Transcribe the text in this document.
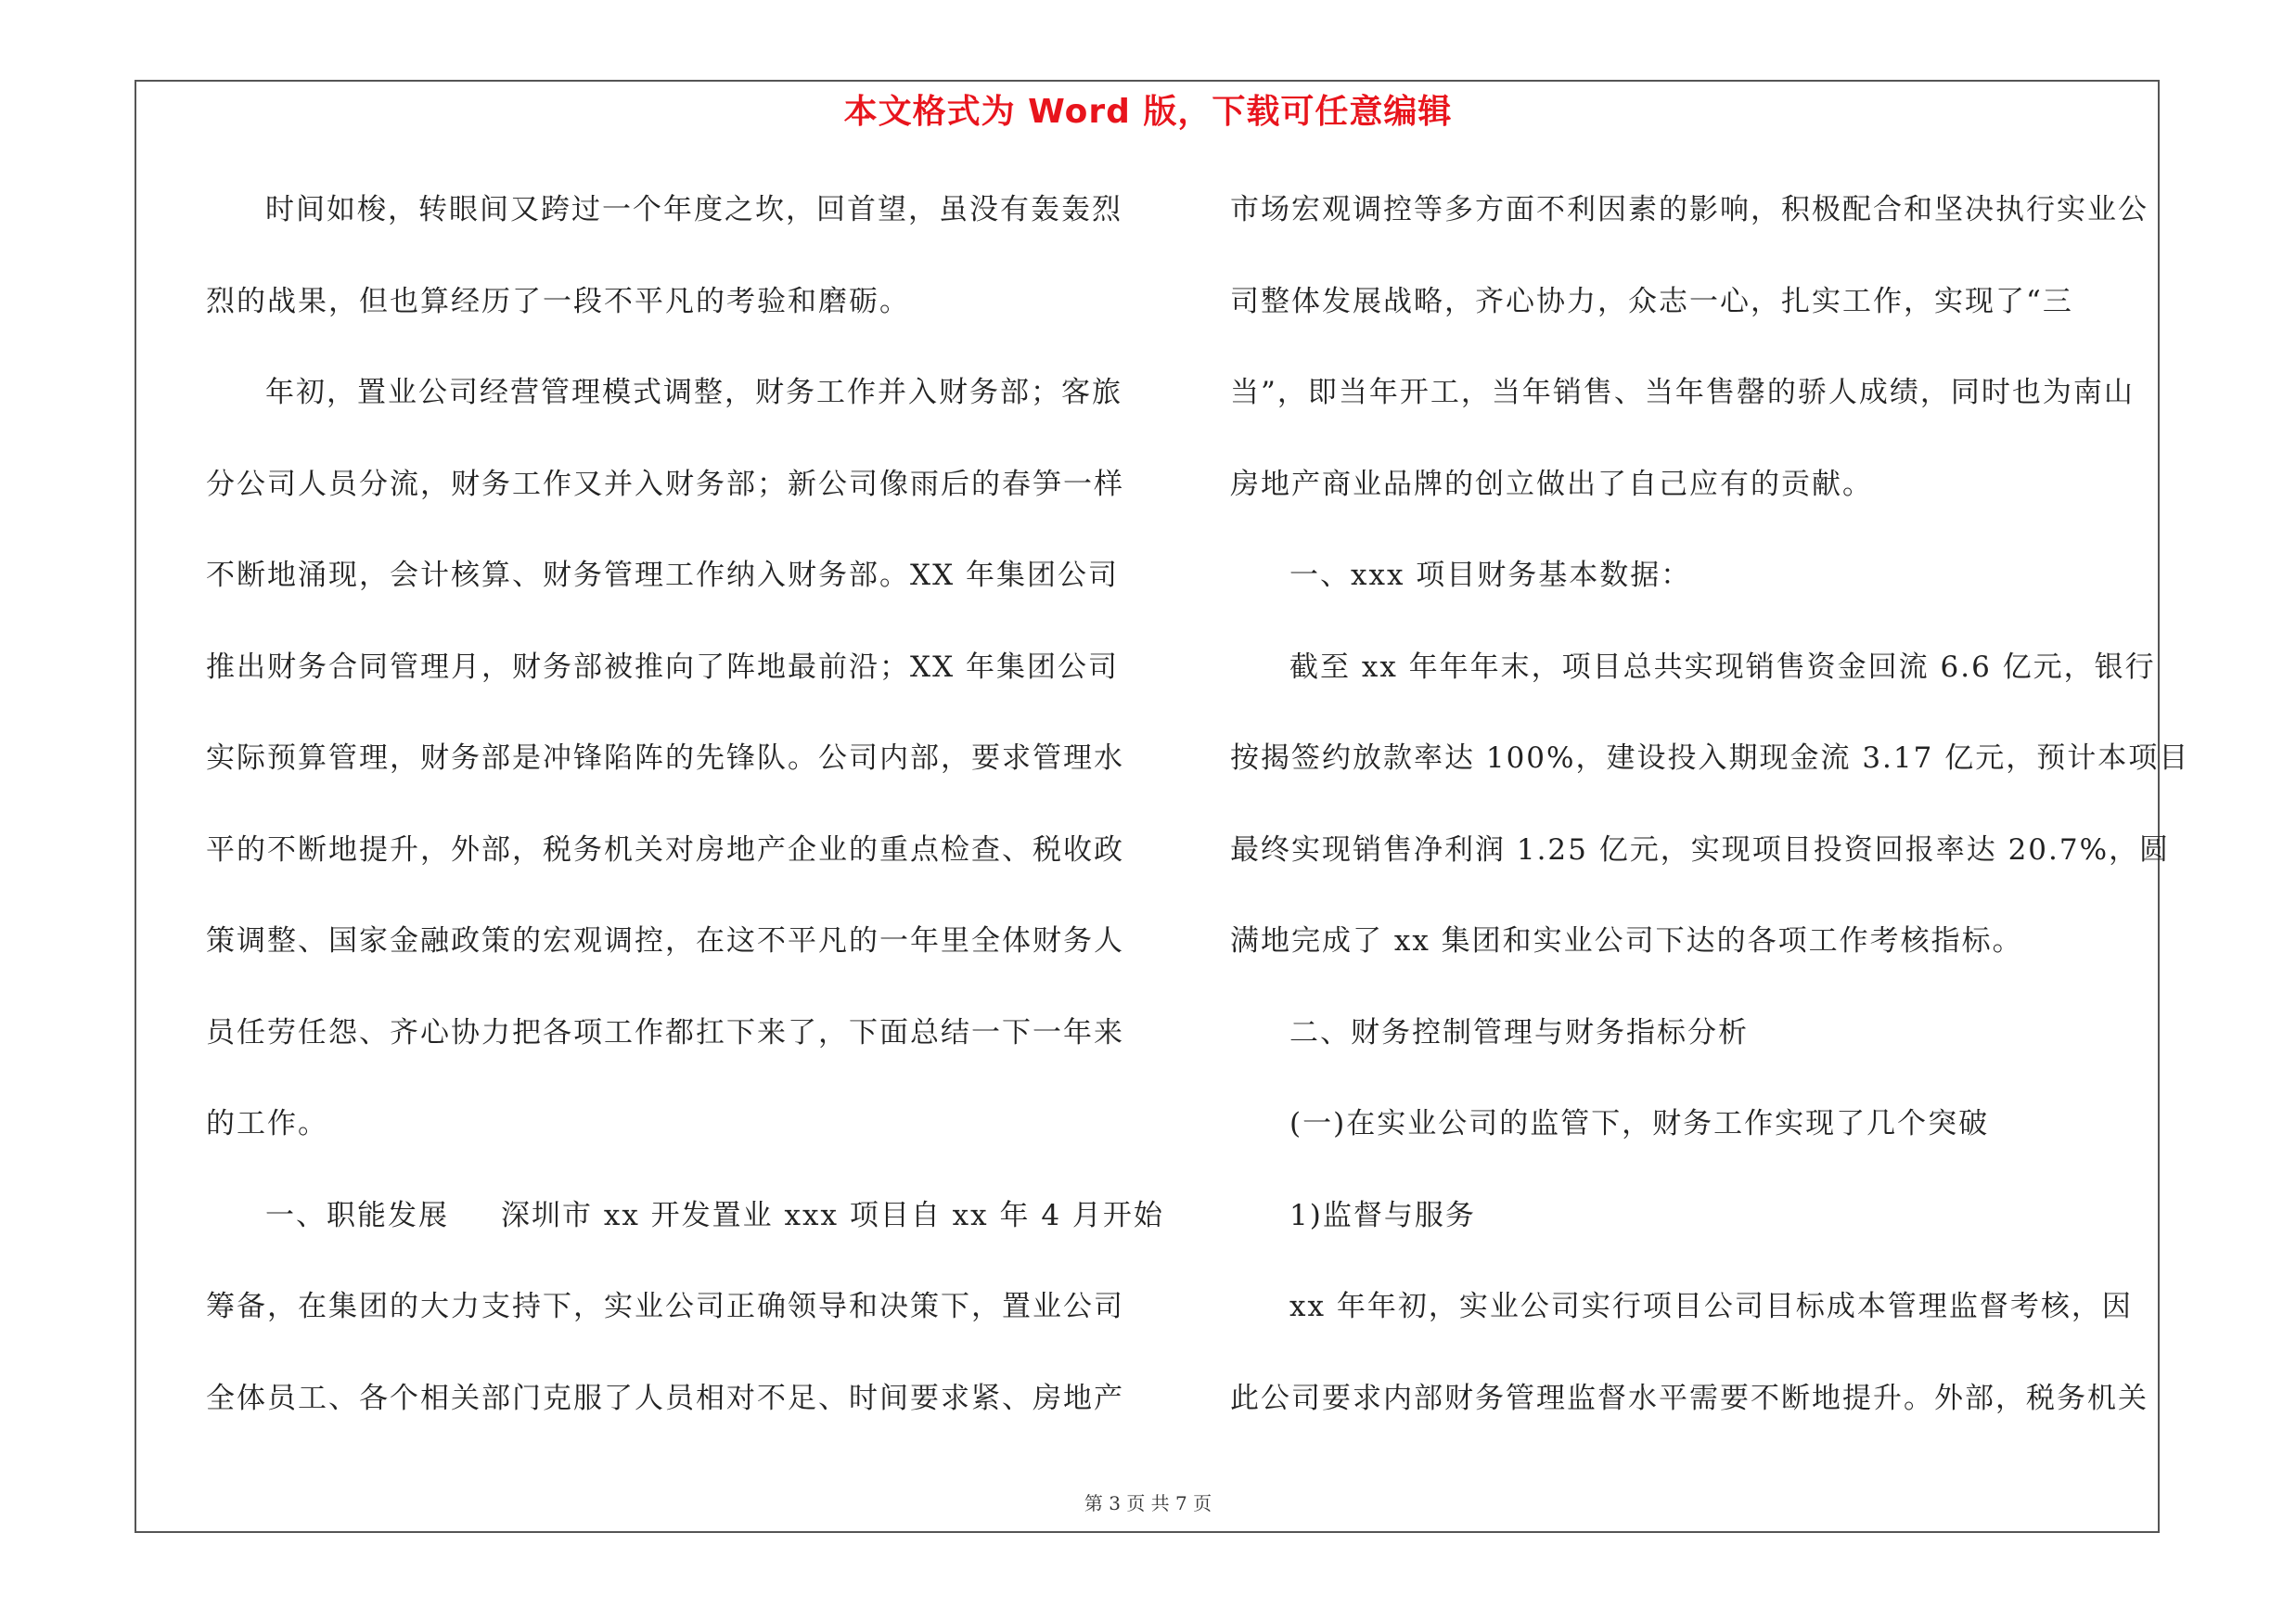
本文格式为 Word 版，下载可任意编辑
时间如梭，转眼间又跨过一个年度之坎，回首望，虽没有轰轰烈
烈的战果，但也算经历了一段不平凡的考验和磨砺。
年初，置业公司经营管理模式调整，财务工作并入财务部；客旅
分公司人员分流，财务工作又并入财务部；新公司像雨后的春笋一样
不断地涌现，会计核算、财务管理工作纳入财务部。XX 年集团公司
推出财务合同管理月，财务部被推向了阵地最前沿；XX 年集团公司
实际预算管理，财务部是冲锋陷阵的先锋队。公司内部，要求管理水
平的不断地提升，外部，税务机关对房地产企业的重点检查、税收政
策调整、国家金融政策的宏观调控，在这不平凡的一年里全体财务人
员任劳任怨、齐心协力把各项工作都扛下来了，下面总结一下一年来
的工作。
一、职能发展 深圳市 xx 开发置业 xxx 项目自 xx 年 4 月开始
筹备，在集团的大力支持下，实业公司正确领导和决策下，置业公司
全体员工、各个相关部门克服了人员相对不足、时间要求紧、房地产
市场宏观调控等多方面不利因素的影响，积极配合和坚决执行实业公
司整体发展战略，齐心协力，众志一心，扎实工作，实现了“三
当”，即当年开工，当年销售、当年售罄的骄人成绩，同时也为南山
房地产商业品牌的创立做出了自己应有的贡献。
一、xxx 项目财务基本数据：
截至 xx 年年年末，项目总共实现销售资金回流 6.6 亿元，银行
按揭签约放款率达 100%，建设投入期现金流 3.17 亿元，预计本项目
最终实现销售净利润 1.25 亿元，实现项目投资回报率达 20.7%，圆
满地完成了 xx 集团和实业公司下达的各项工作考核指标。
二、财务控制管理与财务指标分析
(一)在实业公司的监管下，财务工作实现了几个突破
1)监督与服务
xx 年年初，实业公司实行项目公司目标成本管理监督考核，因
此公司要求内部财务管理监督水平需要不断地提升。外部，税务机关
第 3 页 共 7 页
